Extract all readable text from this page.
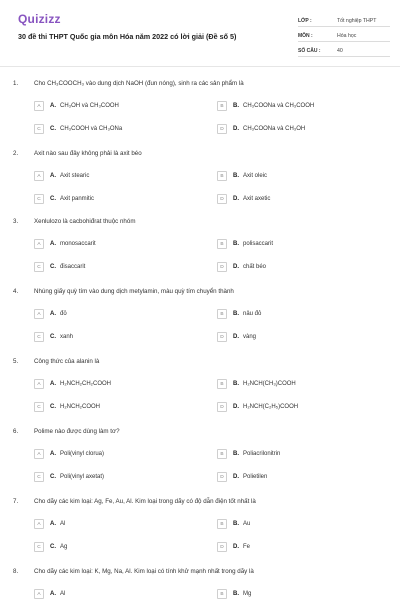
Quizizz
30 đề thi THPT Quốc gia môn Hóa năm 2022 có lời giải (Đề số 5)
LỚP :	Tốt nghiệp THPT
MÔN :	Hóa học
SỐ CÂU :	40
1.	Cho CH₃COOCH₃ vào dung dịch NaOH (đun nóng), sinh ra các sản phẩm là
A	A. CH₃OH và CH₃COOH	B	B. CH₃COONa và CH₃COOH
C	C. CH₃COOH và CH₃ONa	D	D. CH₃COONa và CH₃OH
2.	Axit nào sau đây không phải là axit béo
A	A. Axit stearic	B	B. Axit oleic
C	C. Axit panmitic	D	D. Axit axetic
3.	Xenlulozo là cacbohiđrat thuộc nhóm
A	A. monosaccarit	B	B. polisaccarit
C	C. đisaccarit	D	D. chất béo
4.	Nhúng giấy quỳ tím vào dung dịch metylamin, màu quỳ tím chuyển thành
A	A. đỏ	B	B. nâu đỏ
C	C. xanh	D	D. vàng
5.	Công thức của alanin là
A	A. H₂NCH₂CH₂COOH	B	B. H₂NCH(CH₃)COOH
C	C. H₂NCH₂COOH	D	D. H₂NCH(C₂H₅)COOH
6.	Polime nào được dùng làm tơ?
A	A. Poli(vinyl clorua)	B	B. Poliacrilonitrin
C	C. Poli(vinyl axetat)	D	D. Polietilen
7.	Cho dãy các kim loại: Ag, Fe, Au, Al. Kim loại trong dãy có độ dẫn điện tốt nhất là
A	A. Al	B	B. Au
C	C. Ag	D	D. Fe
8.	Cho dãy các kim loại: K, Mg, Na, Al. Kim loại có tính khử mạnh nhất trong dãy là
A	A. Al	B	B. Mg
